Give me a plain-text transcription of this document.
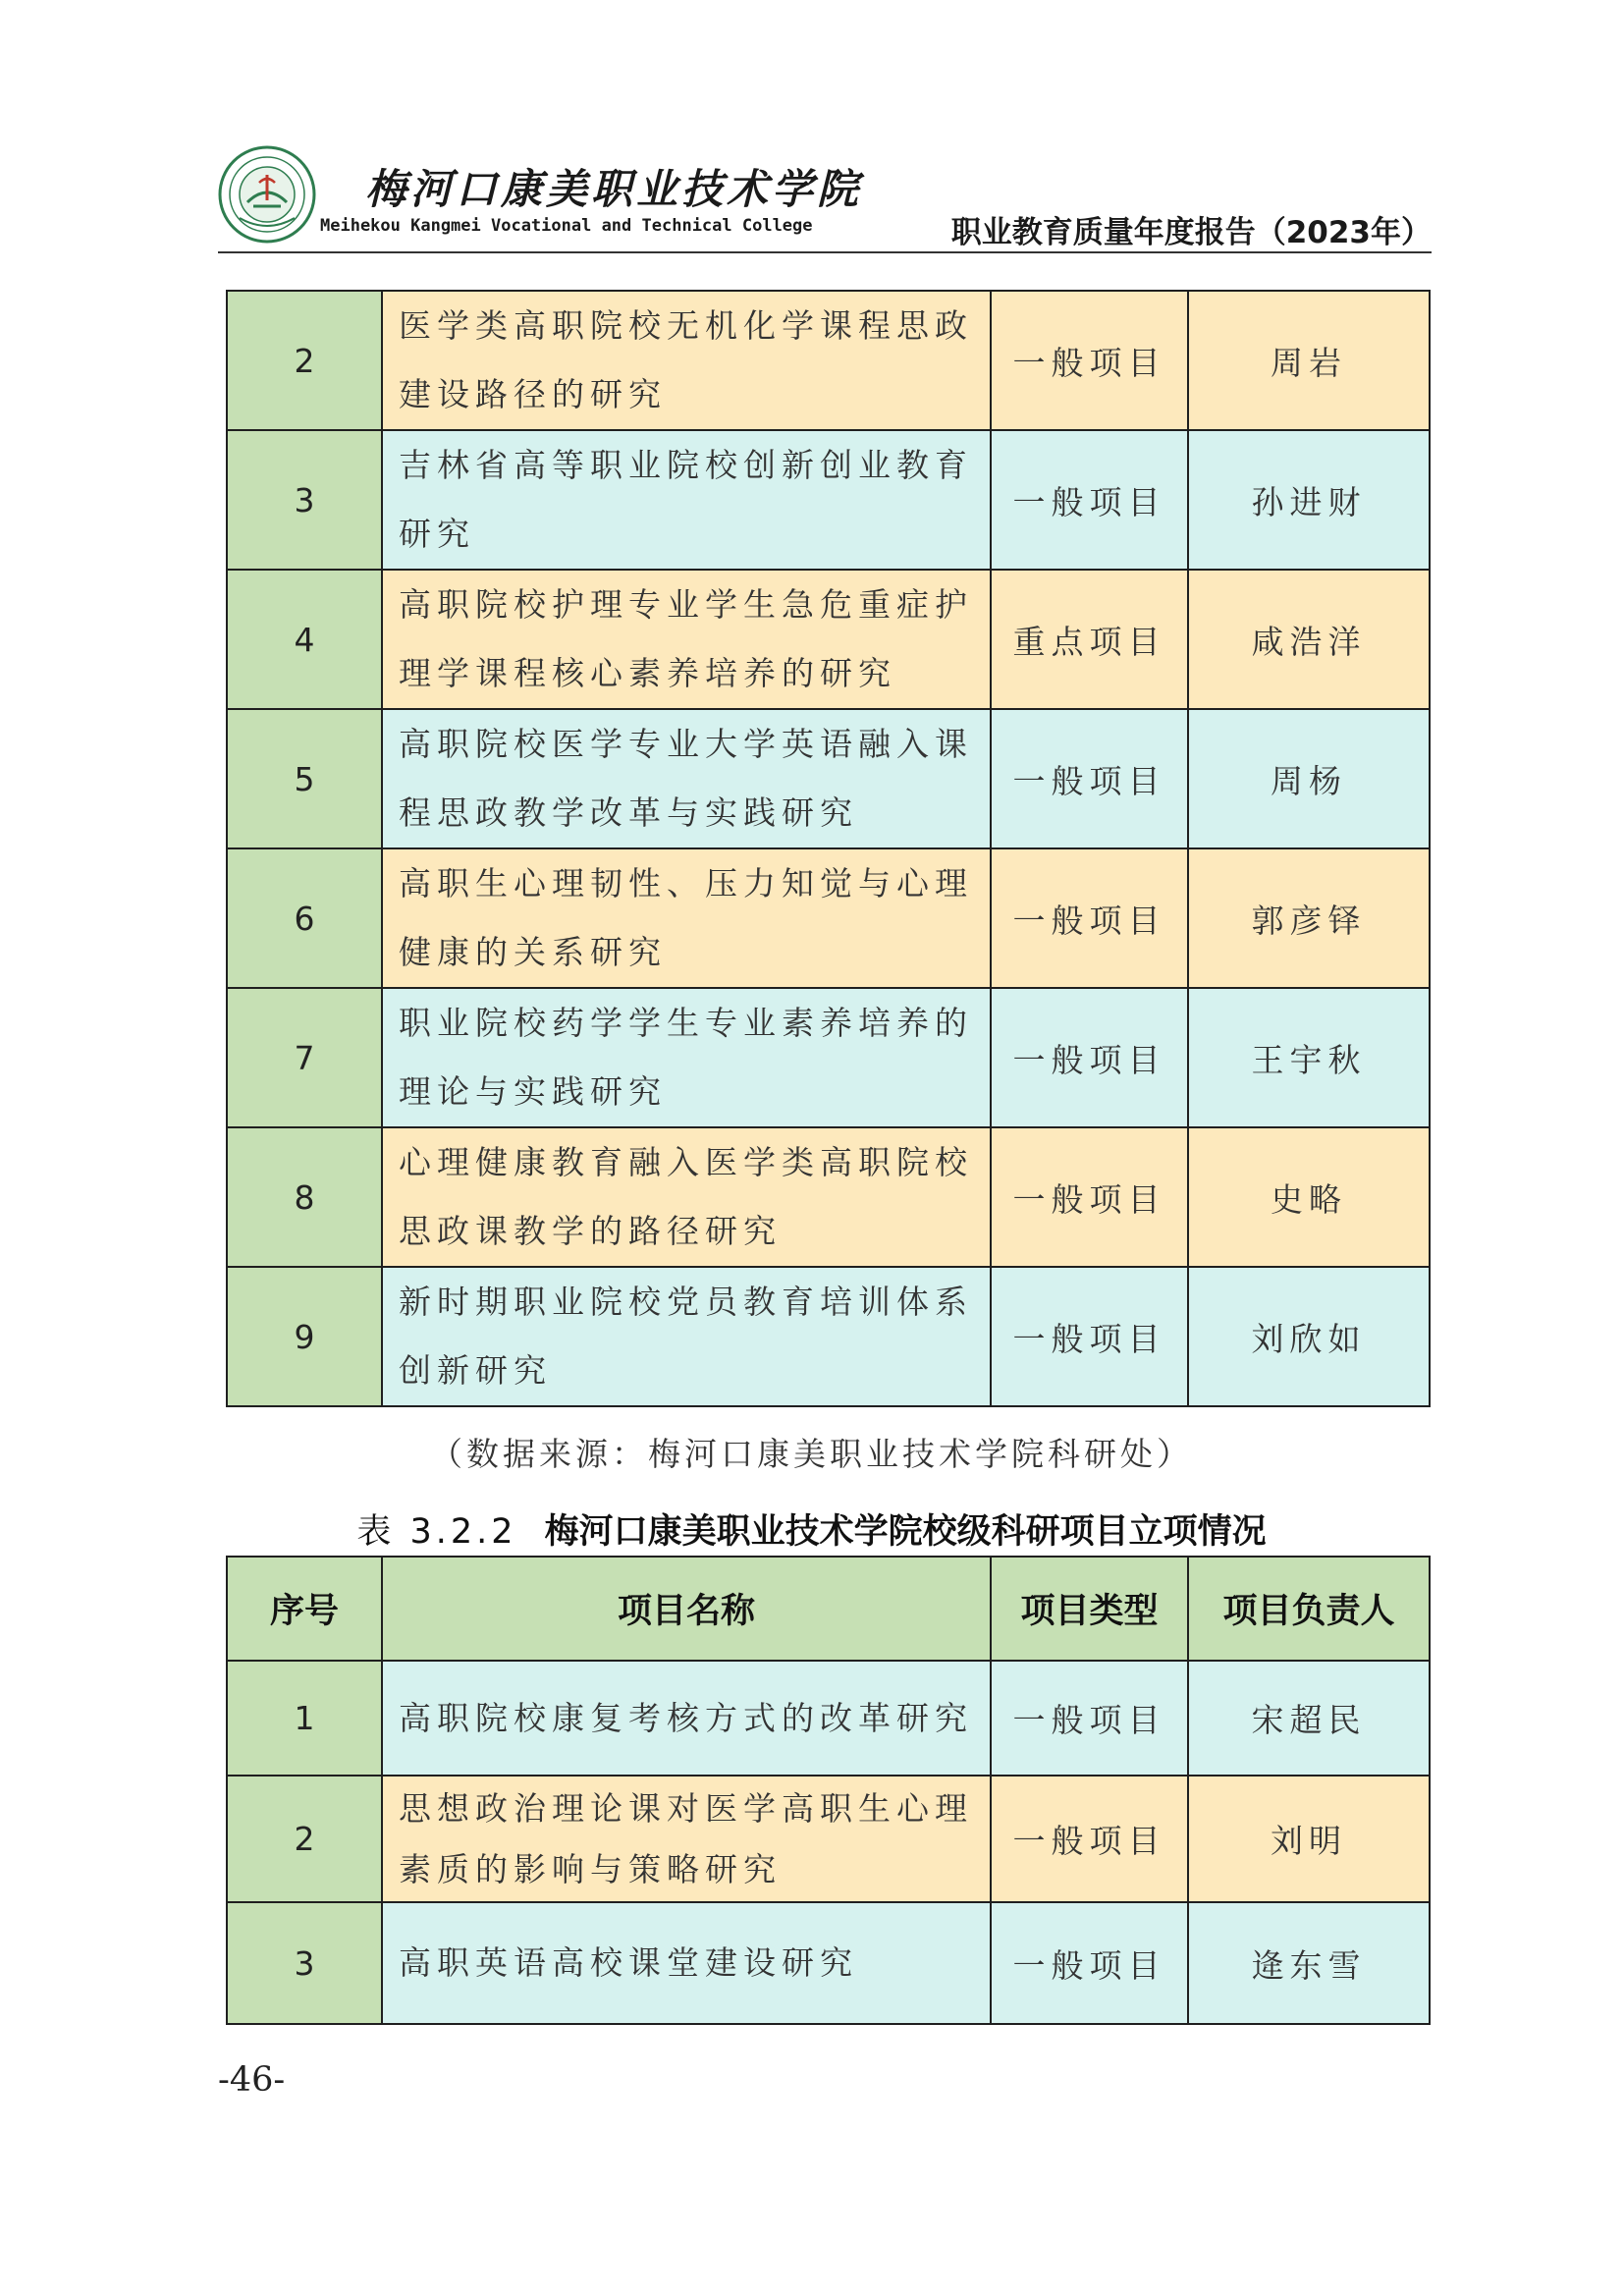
梅河口康美职业技术学院
Meihekou Kangmei Vocational and Technical College	职业教育质量年度报告（2023年）
2	医学类高职院校无机化学课程思政建设路径的研究	一般项目	周岩
3	吉林省高等职业院校创新创业教育研究	一般项目	孙进财
4	高职院校护理专业学生急危重症护理学课程核心素养培养的研究	重点项目	咸浩洋
5	高职院校医学专业大学英语融入课程思政教学改革与实践研究	一般项目	周杨
6	高职生心理韧性、压力知觉与心理健康的关系研究	一般项目	郭彦铎
7	职业院校药学学生专业素养培养的理论与实践研究	一般项目	王宇秋
8	心理健康教育融入医学类高职院校思政课教学的路径研究	一般项目	史略
9	新时期职业院校党员教育培训体系创新研究	一般项目	刘欣如
（数据来源：梅河口康美职业技术学院科研处）
表 3.2.2 梅河口康美职业技术学院校级科研项目立项情况
序号	项目名称	项目类型	项目负责人
1	高职院校康复考核方式的改革研究	一般项目	宋超民
2	思想政治理论课对医学高职生心理素质的影响与策略研究	一般项目	刘明
3	高职英语高校课堂建设研究	一般项目	逄东雪
-46-
